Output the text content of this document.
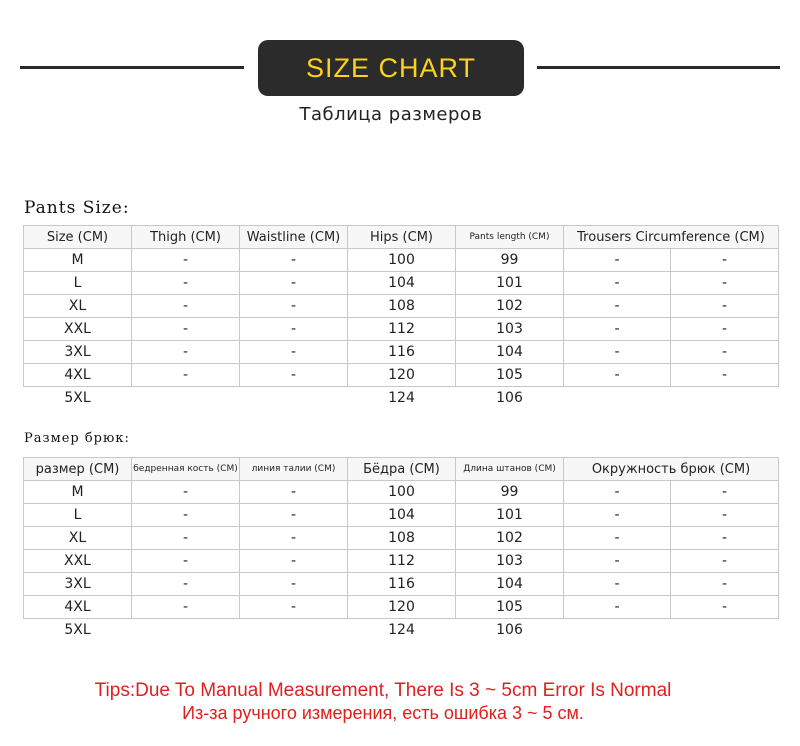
SIZE CHART
Таблица размеров
Pants Size:
Size (CM)	Thigh (CM)	Waistline (CM)	Hips (CM)	Pants length (CM)	Trousers Circumference (CM)	
M	-	-	100	99	-	-
L	-	-	104	101	-	-
XL	-	-	108	102	-	-
XXL	-	-	112	103	-	-
3XL	-	-	116	104	-	-
4XL	-	-	120	105	-	-
5XL			124	106		
Размер брюк:
размер (CM)	бедренная кость (CM)	линия талии (CM)	Бёдра (CM)	Длина штанов (CM)	Окружность брюк (CM)	
M	-	-	100	99	-	-
L	-	-	104	101	-	-
XL	-	-	108	102	-	-
XXL	-	-	112	103	-	-
3XL	-	-	116	104	-	-
4XL	-	-	120	105	-	-
5XL			124	106		
Tips:Due To Manual Measurement, There Is 3 ~ 5cm Error Is Normal
Из-за ручного измерения, есть ошибка 3 ~ 5 см.
